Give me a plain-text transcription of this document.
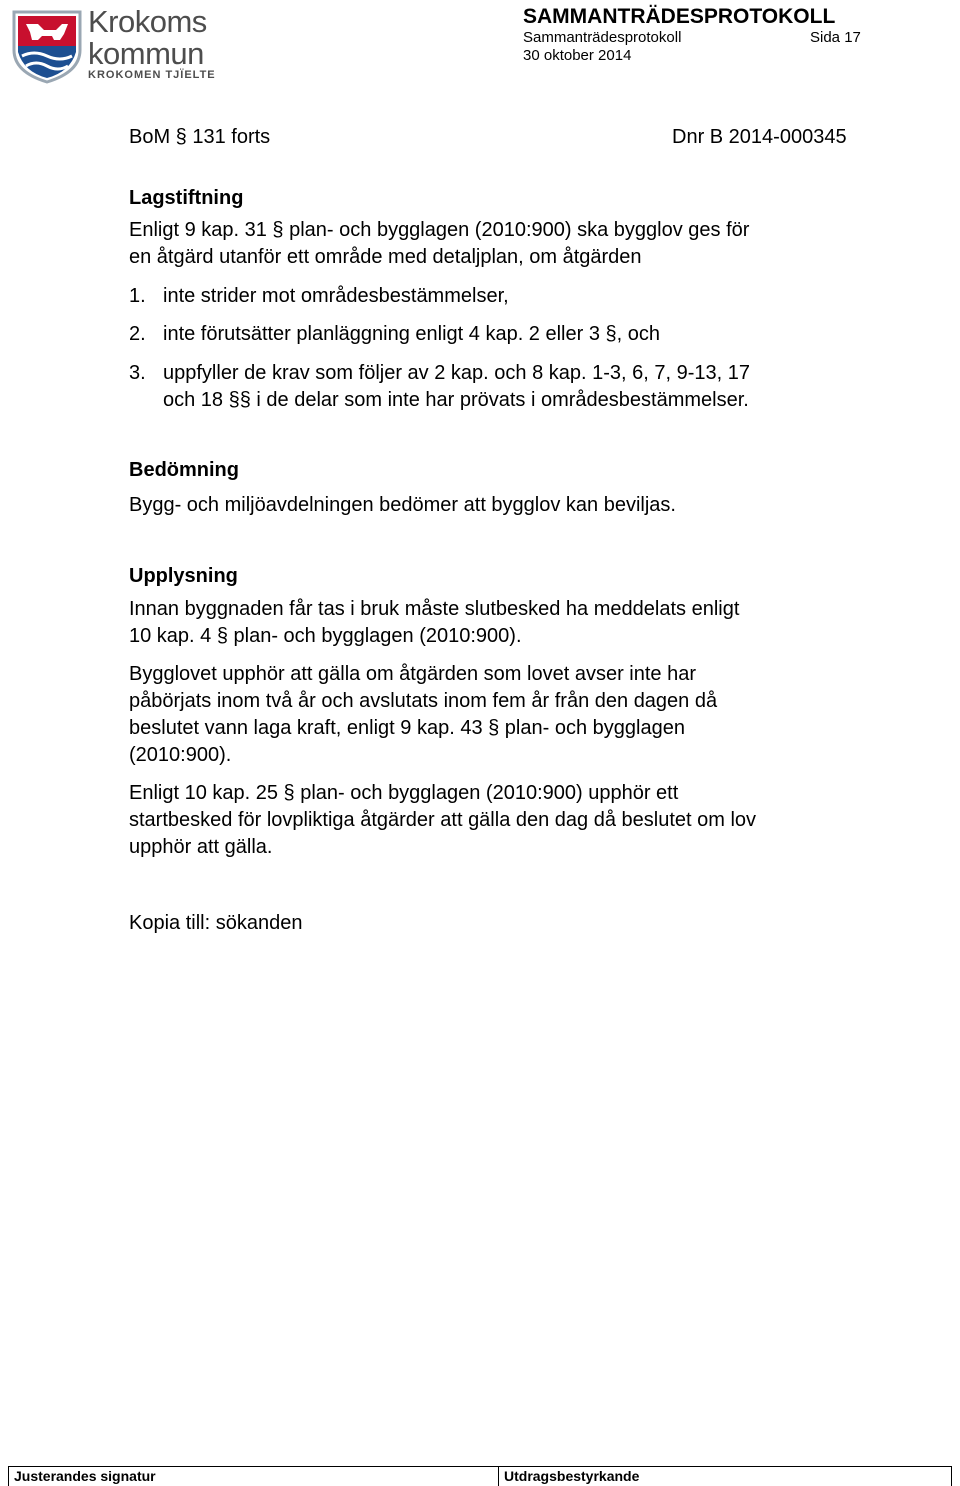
Krokoms
kommun
KROKOMEN TJÏELTE
SAMMANTRÄDESPROTOKOLL
Sammanträdesprotokoll	Sida 17
30 oktober 2014
BoM § 131 forts	Dnr B 2014-000345
Lagstiftning
Enligt 9 kap. 31 § plan- och bygglagen (2010:900) ska bygglov ges för
en åtgärd utanför ett område med detaljplan, om åtgärden
1. inte strider mot områdesbestämmelser,
2. inte förutsätter planläggning enligt 4 kap. 2 eller 3 §, och
3. uppfyller de krav som följer av 2 kap. och 8 kap. 1-3, 6, 7, 9-13, 17
och 18 §§ i de delar som inte har prövats i områdesbestämmelser.
Bedömning
Bygg- och miljöavdelningen bedömer att bygglov kan beviljas.
Upplysning
Innan byggnaden får tas i bruk måste slutbesked ha meddelats enligt
10 kap. 4 § plan- och bygglagen (2010:900).
Bygglovet upphör att gälla om åtgärden som lovet avser inte har
påbörjats inom två år och avslutats inom fem år från den dagen då
beslutet vann laga kraft, enligt 9 kap. 43 § plan- och bygglagen
(2010:900).
Enligt 10 kap. 25 § plan- och bygglagen (2010:900) upphör ett
startbesked för lovpliktiga åtgärder att gälla den dag då beslutet om lov
upphör att gälla.
Kopia till: sökanden
Justerandes signatur	Utdragsbestyrkande
